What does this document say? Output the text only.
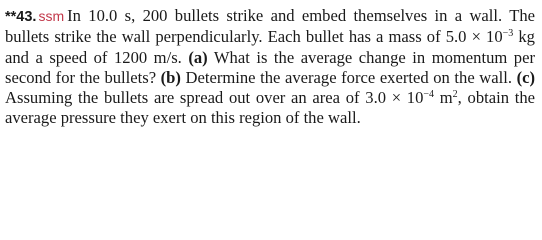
**43. ssm In 10.0 s, 200 bullets strike and embed themselves in a wall. The bullets strike the wall perpendicularly. Each bullet has a mass of $5.0 \times 10^{-3}$ kg and a speed of 1200 m/s. (a) What is the average change in momentum per second for the bullets? (b) Determine the average force exerted on the wall. (c) Assuming the bullets are spread out over an area of $3.0 \times 10^{-4}$ $m^2$, obtain the average pressure they exert on this region of the wall.
